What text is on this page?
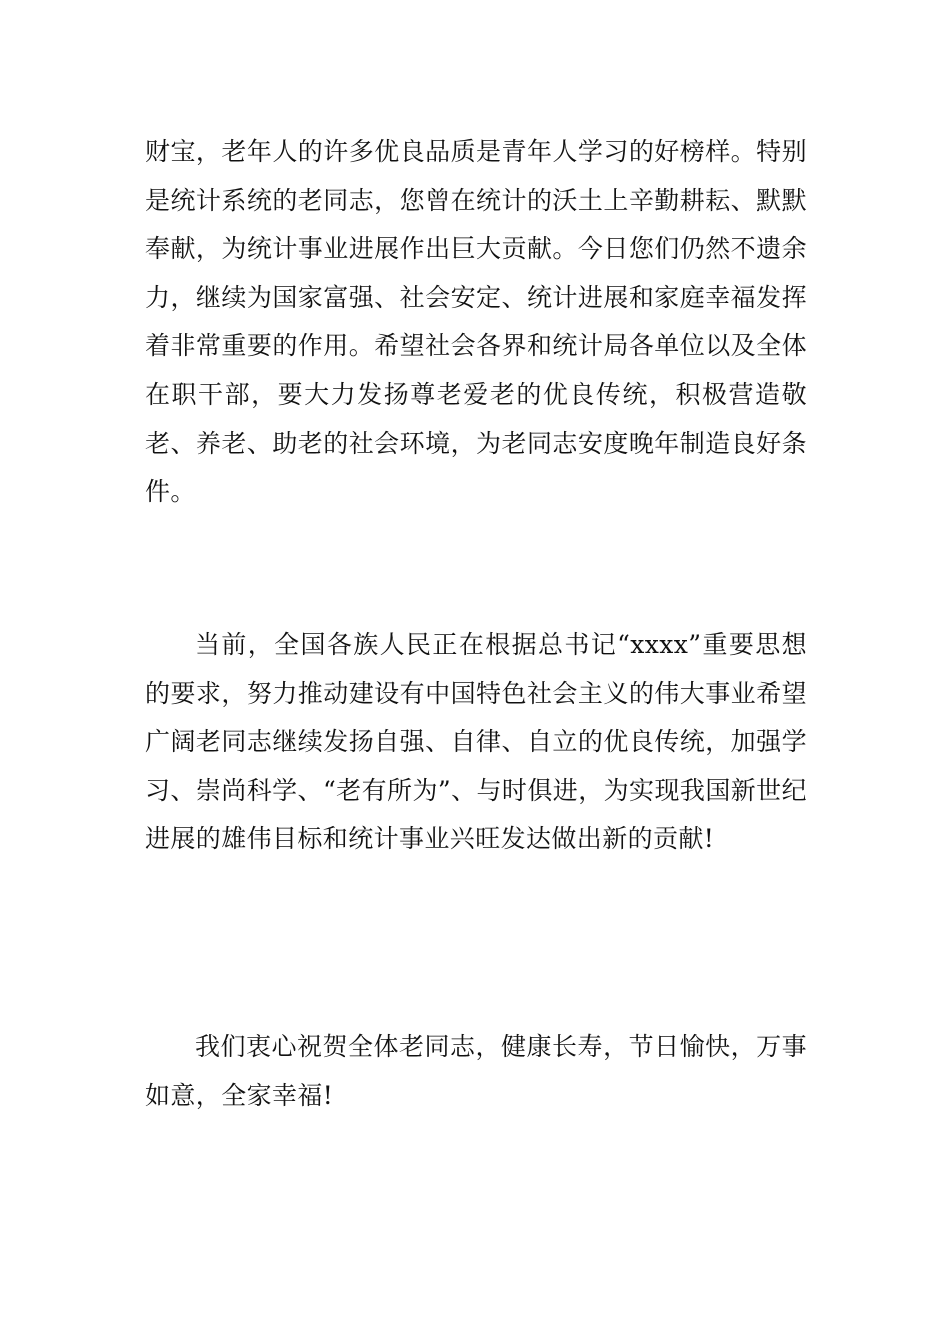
财宝，老年人的许多优良品质是青年人学习的好榜样。特别是统计系统的老同志，您曾在统计的沃土上辛勤耕耘、默默奉献，为统计事业进展作出巨大贡献。今日您们仍然不遗余力，继续为国家富强、社会安定、统计进展和家庭幸福发挥着非常重要的作用。希望社会各界和统计局各单位以及全体在职干部，要大力发扬尊老爱老的优良传统，积极营造敬老、养老、助老的社会环境，为老同志安度晚年制造良好条件。

当前，全国各族人民正在根据总书记“xxxx”重要思想的要求，努力推动建设有中国特色社会主义的伟大事业希望广阔老同志继续发扬自强、自律、自立的优良传统，加强学习、崇尚科学、“老有所为”、与时俱进，为实现我国新世纪进展的雄伟目标和统计事业兴旺发达做出新的贡献!

我们衷心祝贺全体老同志，健康长寿，节日愉快，万事如意，全家幸福!
